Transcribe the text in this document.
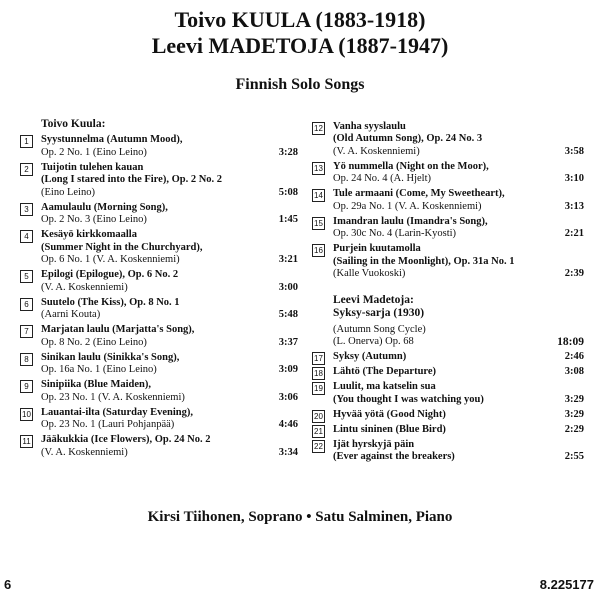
Toivo KUULA (1883-1918)
Leevi MADETOJA (1887-1947)
Finnish Solo Songs
Toivo Kuula:
1	Syystunnelma (Autumn Mood),
Op. 2 No. 1 (Eino Leino)	3:28
2	Tuijotin tulehen kauan
(Long I stared into the Fire), Op. 2 No. 2
(Eino Leino)	5:08
3	Aamulaulu (Morning Song),
Op. 2 No. 3 (Eino Leino)	1:45
4	Kesäyö kirkkomaalla
(Summer Night in the Churchyard),
Op. 6 No. 1 (V. A. Koskenniemi)	3:21
5	Epilogi (Epilogue), Op. 6 No. 2
(V. A. Koskenniemi)	3:00
6	Suutelo (The Kiss), Op. 8 No. 1
(Aarni Kouta)	5:48
7	Marjatan laulu (Marjatta's Song),
Op. 8 No. 2 (Eino Leino)	3:37
8	Sinikan laulu (Sinikka's Song),
Op. 16a No. 1 (Eino Leino)	3:09
9	Sinipiika (Blue Maiden),
Op. 23 No. 1 (V. A. Koskenniemi)	3:06
10 Lauantai-ilta (Saturday Evening),
Op. 23 No. 1 (Lauri Pohjanpää)	4:46
11 Jääkukkia (Ice Flowers), Op. 24 No. 2
(V. A. Koskenniemi)	3:34
12 Vanha syyslaulu
(Old Autumn Song), Op. 24 No. 3
(V. A. Koskenniemi)	3:58
13 Yö nummella (Night on the Moor),
Op. 24 No. 4 (A. Hjelt)	3:10
14 Tule armaani (Come, My Sweetheart),
Op. 29a No. 1 (V. A. Koskenniemi)	3:13
15 Imandran laulu (Imandra's Song),
Op. 30c No. 4 (Larin-Kyosti)	2:21
16 Purjein kuutamolla
(Sailing in the Moonlight), Op. 31a No. 1
(Kalle Vuokoski)	2:39
Leevi Madetoja:
Syksy-sarja (1930)
(Autumn Song Cycle)
(L. Onerva) Op. 68	18:09
17 Syksy (Autumn)	2:46
18 Lähtö (The Departure)	3:08
19 Luulit, ma katselin sua
(You thought I was watching you)	3:29
20 Hyvää yötä (Good Night)	3:29
21 Lintu sininen (Blue Bird)	2:29
22 Ijät hyrskyjä päin
(Ever against the breakers)	2:55
Kirsi Tiihonen, Soprano • Satu Salminen, Piano
6	8.225177
